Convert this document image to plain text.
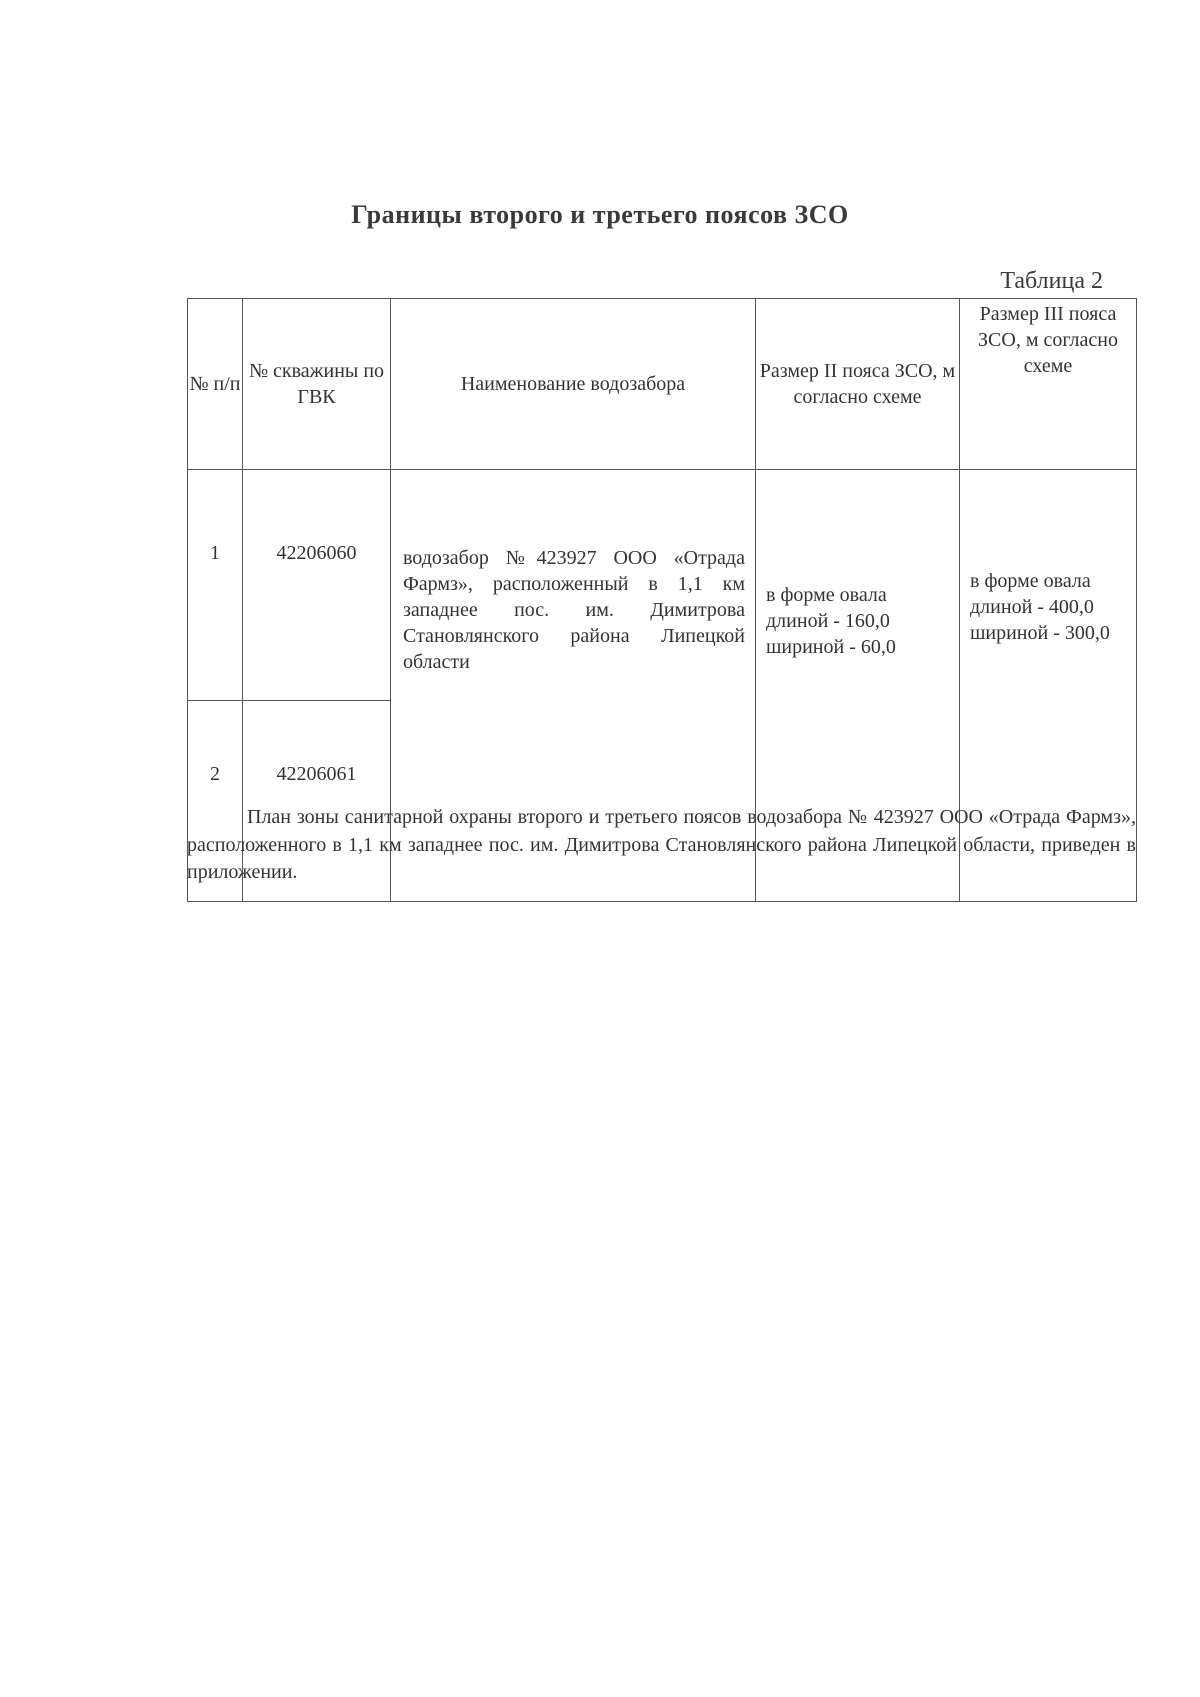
Границы второго и третьего поясов ЗСО
Таблица 2
№ п/п	№ скважины по ГВК	Наименование водозабора	Размер II пояса ЗСО, м согласно схеме	Размер III пояса ЗСО, м согласно схеме
1	42206060	водозабор №423927 ООО «Отрада Фармз», расположенный в 1,1 км западнее пос. им. Димитрова Становлянского района Липецкой области	в форме овала длиной - 160,0 шириной - 60,0	в форме овала длиной - 400,0 шириной - 300,0
2	42206061			
План зоны санитарной охраны второго и третьего поясов водозабора № 423927 ООО «Отрада Фармз», расположенного в 1,1 км западнее пос. им. Димитрова Становлянского района Липецкой области, приведен в приложении.
